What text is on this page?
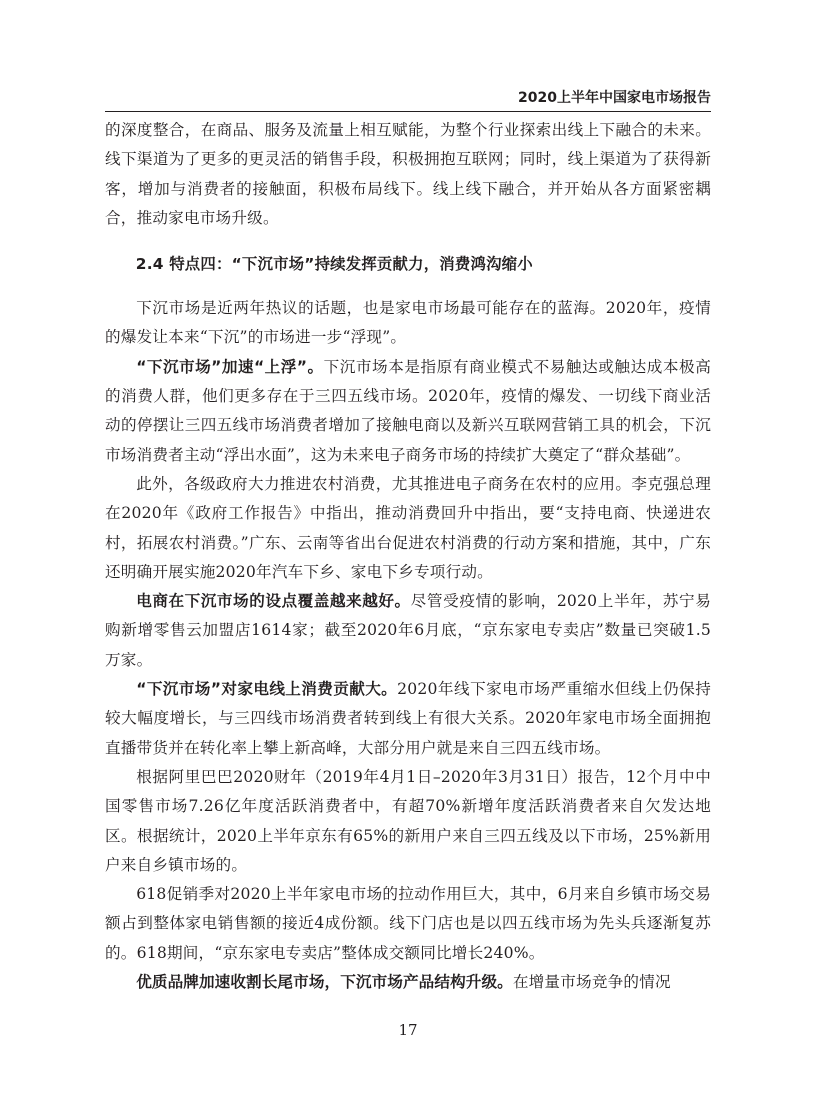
2020上半年中国家电市场报告

的深度整合，在商品、服务及流量上相互赋能，为整个行业探索出线上下融合的未来。线下渠道为了更多的更灵活的销售手段，积极拥抱互联网；同时，线上渠道为了获得新客，增加与消费者的接触面，积极布局线下。线上线下融合，并开始从各方面紧密耦合，推动家电市场升级。

2.4 特点四：“下沉市场”持续发挥贡献力，消费鸿沟缩小

下沉市场是近两年热议的话题，也是家电市场最可能存在的蓝海。2020年，疫情的爆发让本来“下沉”的市场进一步“浮现”。

“下沉市场”加速“上浮”。下沉市场本是指原有商业模式不易触达或触达成本极高的消费人群，他们更多存在于三四五线市场。2020年，疫情的爆发、一切线下商业活动的停摆让三四五线市场消费者增加了接触电商以及新兴互联网营销工具的机会，下沉市场消费者主动“浮出水面”，这为未来电子商务市场的持续扩大奠定了“群众基础”。

此外，各级政府大力推进农村消费，尤其推进电子商务在农村的应用。李克强总理在2020年《政府工作报告》中指出，推动消费回升中指出，要“支持电商、快递进农村，拓展农村消费。”广东、云南等省出台促进农村消费的行动方案和措施，其中，广东还明确开展实施2020年汽车下乡、家电下乡专项行动。

电商在下沉市场的设点覆盖越来越好。尽管受疫情的影响，2020上半年，苏宁易购新增零售云加盟店1614家；截至2020年6月底，“京东家电专卖店”数量已突破1.5万家。

“下沉市场”对家电线上消费贡献大。2020年线下家电市场严重缩水但线上仍保持较大幅度增长，与三四线市场消费者转到线上有很大关系。2020年家电市场全面拥抱直播带货并在转化率上攀上新高峰，大部分用户就是来自三四五线市场。

根据阿里巴巴2020财年（2019年4月1日–2020年3月31日）报告，12个月中中国零售市场7.26亿年度活跃消费者中，有超70%新增年度活跃消费者来自欠发达地区。根据统计，2020上半年京东有65%的新用户来自三四五线及以下市场，25%新用户来自乡镇市场的。

618促销季对2020上半年家电市场的拉动作用巨大，其中，6月来自乡镇市场交易额占到整体家电销售额的接近4成份额。线下门店也是以四五线市场为先头兵逐渐复苏的。618期间，“京东家电专卖店”整体成交额同比增长240%。

优质品牌加速收割长尾市场，下沉市场产品结构升级。在增量市场竞争的情况

17
